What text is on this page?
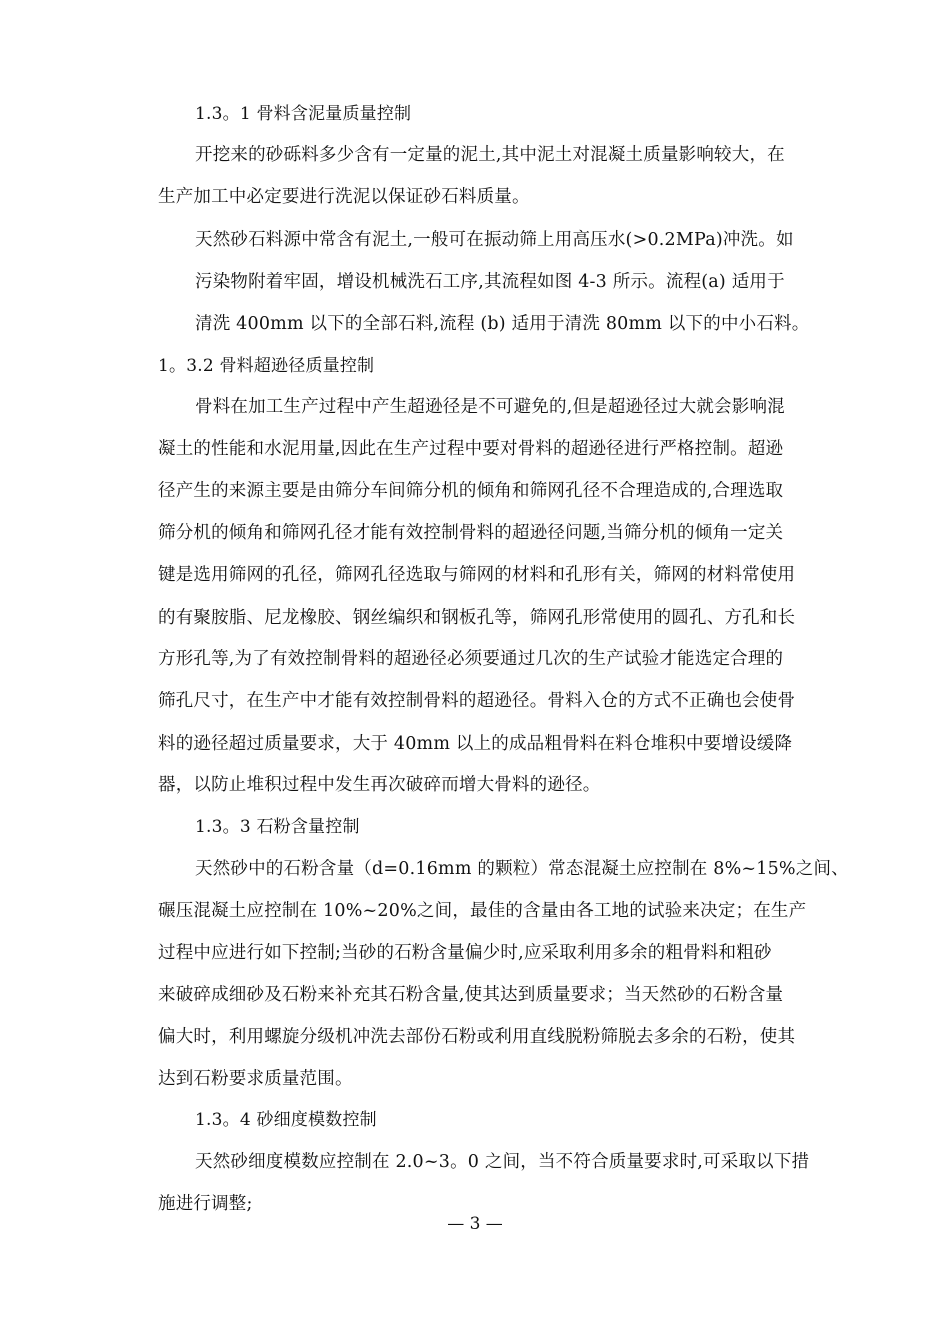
1.3。1 骨料含泥量质量控制
开挖来的砂砾料多少含有一定量的泥土,其中泥土对混凝土质量影响较大，在
生产加工中必定要进行洗泥以保证砂石料质量。
天然砂石料源中常含有泥土,一般可在振动筛上用高压水(>0.2MPa)冲洗。如
污染物附着牢固，增设机械洗石工序,其流程如图 4-3 所示。流程(a) 适用于
清洗 400mm 以下的全部石料,流程 (b) 适用于清洗 80mm 以下的中小石料。
1。3.2 骨料超逊径质量控制
骨料在加工生产过程中产生超逊径是不可避免的,但是超逊径过大就会影响混
凝土的性能和水泥用量,因此在生产过程中要对骨料的超逊径进行严格控制。超逊
径产生的来源主要是由筛分车间筛分机的倾角和筛网孔径不合理造成的,合理选取
筛分机的倾角和筛网孔径才能有效控制骨料的超逊径问题,当筛分机的倾角一定关
键是选用筛网的孔径，筛网孔径选取与筛网的材料和孔形有关，筛网的材料常使用
的有聚胺脂、尼龙橡胶、钢丝编织和钢板孔等，筛网孔形常使用的圆孔、方孔和长
方形孔等,为了有效控制骨料的超逊径必须要通过几次的生产试验才能选定合理的
筛孔尺寸，在生产中才能有效控制骨料的超逊径。骨料入仓的方式不正确也会使骨
料的逊径超过质量要求，大于 40mm 以上的成品粗骨料在料仓堆积中要增设缓降
器，以防止堆积过程中发生再次破碎而增大骨料的逊径。
1.3。3 石粉含量控制
天然砂中的石粉含量（d=0.16mm 的颗粒）常态混凝土应控制在 8%~15%之间、
碾压混凝土应控制在 10%~20%之间，最佳的含量由各工地的试验来决定；在生产
过程中应进行如下控制;当砂的石粉含量偏少时,应采取利用多余的粗骨料和粗砂
来破碎成细砂及石粉来补充其石粉含量,使其达到质量要求；当天然砂的石粉含量
偏大时，利用螺旋分级机冲洗去部份石粉或利用直线脱粉筛脱去多余的石粉，使其
达到石粉要求质量范围。
1.3。4 砂细度模数控制
天然砂细度模数应控制在 2.0~3。0 之间，当不符合质量要求时,可采取以下措
施进行调整;
— 3 —
